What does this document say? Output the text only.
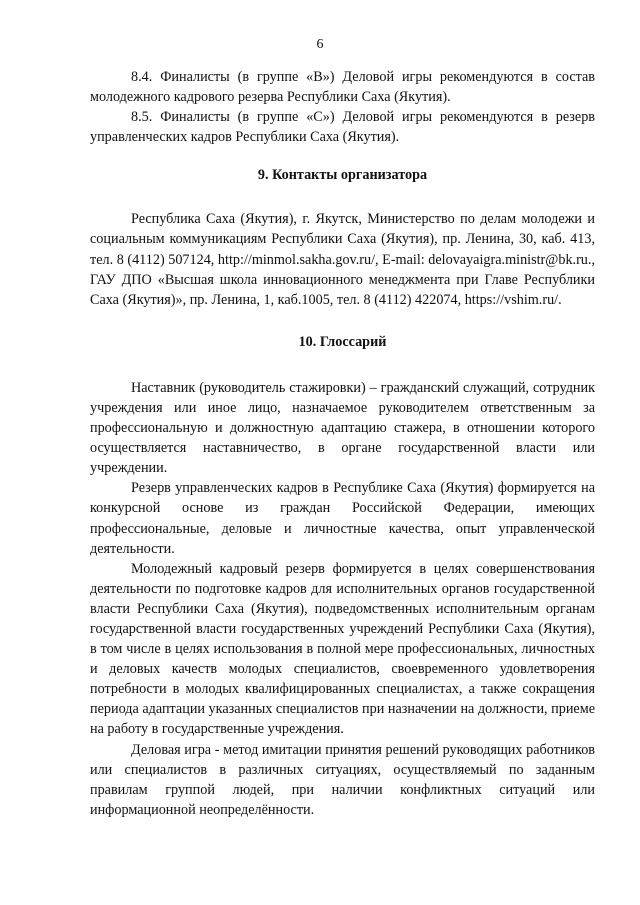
6

8.4. Финалисты (в группе «В») Деловой игры рекомендуются в состав молодежного кадрового резерва Республики Саха (Якутия).

8.5. Финалисты (в группе «С») Деловой игры рекомендуются в резерв управленческих кадров Республики Саха (Якутия).

9. Контакты организатора

Республика Саха (Якутия), г. Якутск, Министерство по делам молодежи и социальным коммуникациям Республики Саха (Якутия), пр. Ленина, 30, каб. 413, тел. 8 (4112) 507124, http://minmol.sakha.gov.ru/, E-mail: delovayaigra.ministr@bk.ru., ГАУ ДПО «Высшая школа инновационного менеджмента при Главе Республики Саха (Якутия)», пр. Ленина, 1, каб.1005, тел. 8 (4112) 422074, https://vshim.ru/.

10. Глоссарий

Наставник (руководитель стажировки) – гражданский служащий, сотрудник учреждения или иное лицо, назначаемое руководителем ответственным за профессиональную и должностную адаптацию стажера, в отношении которого осуществляется наставничество, в органе государственной власти или учреждении.

Резерв управленческих кадров в Республике Саха (Якутия) формируется на конкурсной основе из граждан Российской Федерации, имеющих профессиональные, деловые и личностные качества, опыт управленческой деятельности.

Молодежный кадровый резерв формируется в целях совершенствования деятельности по подготовке кадров для исполнительных органов государственной власти Республики Саха (Якутия), подведомственных исполнительным органам государственной власти государственных учреждений Республики Саха (Якутия), в том числе в целях использования в полной мере профессиональных, личностных и деловых качеств молодых специалистов, своевременного удовлетворения потребности в молодых квалифицированных специалистах, а также сокращения периода адаптации указанных специалистов при назначении на должности, приеме на работу в государственные учреждения.

Деловая игра - метод имитации принятия решений руководящих работников или специалистов в различных ситуациях, осуществляемый по заданным правилам группой людей, при наличии конфликтных ситуаций или информационной неопределённости.
